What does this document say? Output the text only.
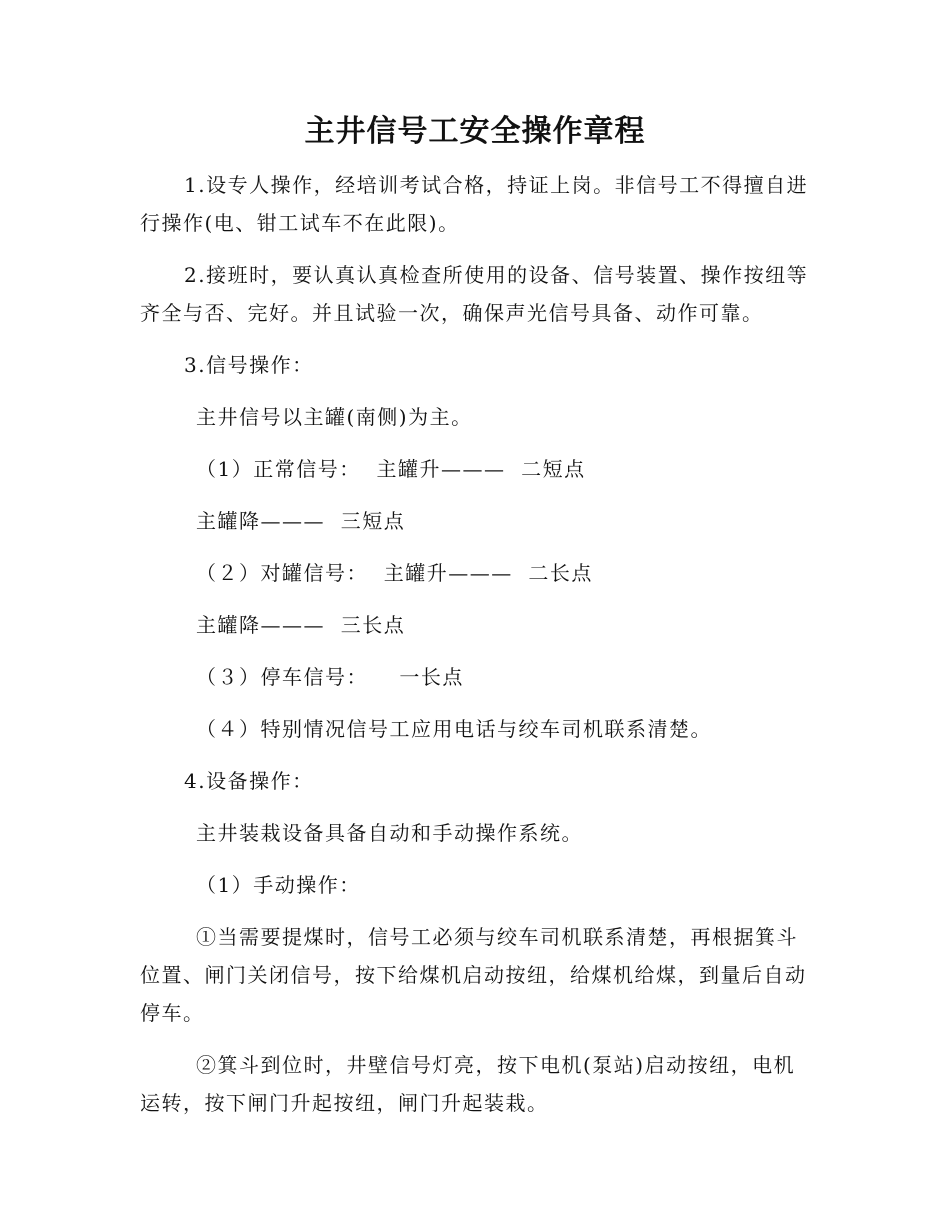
主井信号工安全操作章程

1.设专人操作，经培训考试合格，持证上岗。非信号工不得擅自进行操作(电、钳工试车不在此限)。

2.接班时，要认真认真检查所使用的设备、信号装置、操作按纽等齐全与否、完好。并且试验一次，确保声光信号具备、动作可靠。

3.信号操作：

主井信号以主罐(南侧)为主。

（1）正常信号：  主罐升———  二短点

主罐降———  三短点

（２）对罐信号：  主罐升———  二长点

主罐降———  三长点

（３）停车信号：    一长点

（４）特别情况信号工应用电话与绞车司机联系清楚。

4.设备操作：

主井装栽设备具备自动和手动操作系统。

（1）手动操作：

①当需要提煤时，信号工必须与绞车司机联系清楚，再根据箕斗位置、闸门关闭信号，按下给煤机启动按纽，给煤机给煤，到量后自动停车。

②箕斗到位时，井壁信号灯亮，按下电机(泵站)启动按纽，电机运转，按下闸门升起按纽，闸门升起装栽。
